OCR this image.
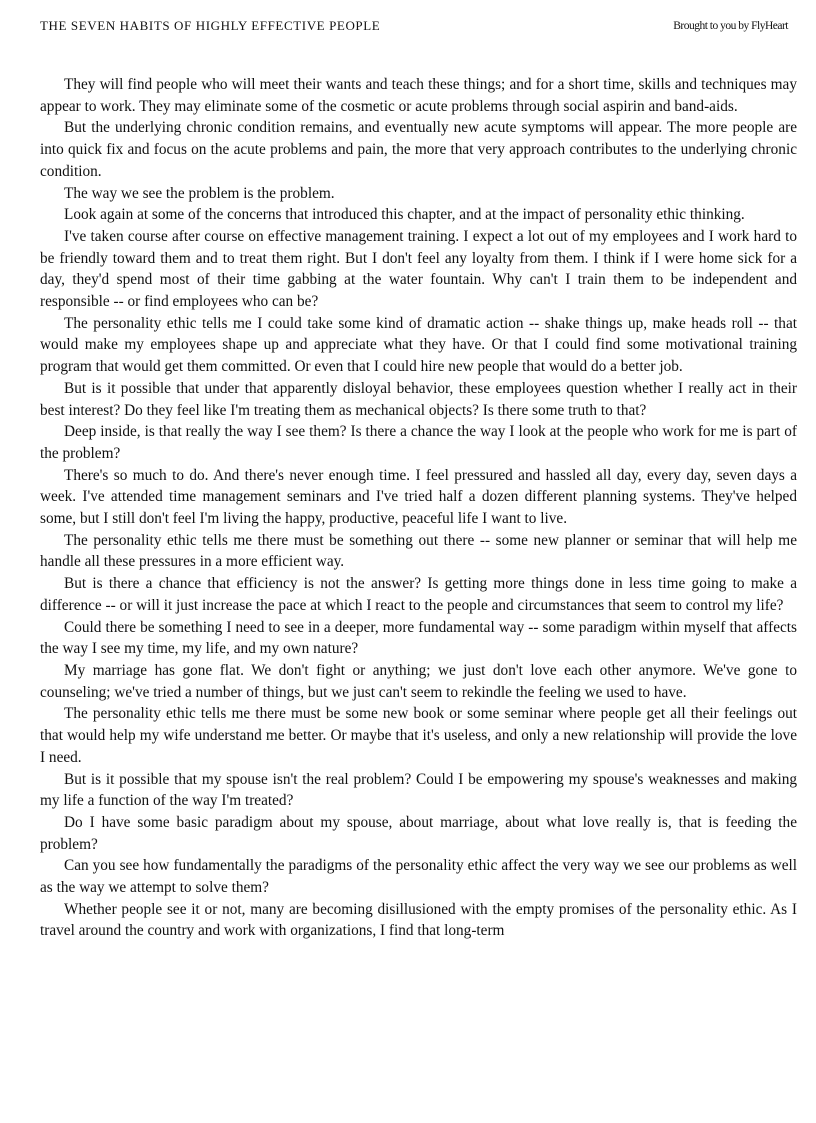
THE SEVEN HABITS OF HIGHLY EFFECTIVE PEOPLE	Brought to you by FlyHeart

They will find people who will meet their wants and teach these things; and for a short time, skills and techniques may appear to work. They may eliminate some of the cosmetic or acute problems through social aspirin and band-aids.

But the underlying chronic condition remains, and eventually new acute symptoms will appear. The more people are into quick fix and focus on the acute problems and pain, the more that very approach contributes to the underlying chronic condition.

The way we see the problem is the problem.

Look again at some of the concerns that introduced this chapter, and at the impact of personality ethic thinking.

I've taken course after course on effective management training. I expect a lot out of my employees and I work hard to be friendly toward them and to treat them right. But I don't feel any loyalty from them. I think if I were home sick for a day, they'd spend most of their time gabbing at the water fountain. Why can't I train them to be independent and responsible -- or find employees who can be?

The personality ethic tells me I could take some kind of dramatic action -- shake things up, make heads roll -- that would make my employees shape up and appreciate what they have. Or that I could find some motivational training program that would get them committed. Or even that I could hire new people that would do a better job.

But is it possible that under that apparently disloyal behavior, these employees question whether I really act in their best interest? Do they feel like I'm treating them as mechanical objects? Is there some truth to that?

Deep inside, is that really the way I see them? Is there a chance the way I look at the people who work for me is part of the problem?

There's so much to do. And there's never enough time. I feel pressured and hassled all day, every day, seven days a week. I've attended time management seminars and I've tried half a dozen different planning systems. They've helped some, but I still don't feel I'm living the happy, productive, peaceful life I want to live.

The personality ethic tells me there must be something out there -- some new planner or seminar that will help me handle all these pressures in a more efficient way.

But is there a chance that efficiency is not the answer? Is getting more things done in less time going to make a difference -- or will it just increase the pace at which I react to the people and circumstances that seem to control my life?

Could there be something I need to see in a deeper, more fundamental way -- some paradigm within myself that affects the way I see my time, my life, and my own nature?

My marriage has gone flat. We don't fight or anything; we just don't love each other anymore. We've gone to counseling; we've tried a number of things, but we just can't seem to rekindle the feeling we used to have.

The personality ethic tells me there must be some new book or some seminar where people get all their feelings out that would help my wife understand me better. Or maybe that it's useless, and only a new relationship will provide the love I need.

But is it possible that my spouse isn't the real problem? Could I be empowering my spouse's weaknesses and making my life a function of the way I'm treated?

Do I have some basic paradigm about my spouse, about marriage, about what love really is, that is feeding the problem?

Can you see how fundamentally the paradigms of the personality ethic affect the very way we see our problems as well as the way we attempt to solve them?

Whether people see it or not, many are becoming disillusioned with the empty promises of the personality ethic. As I travel around the country and work with organizations, I find that long-term
